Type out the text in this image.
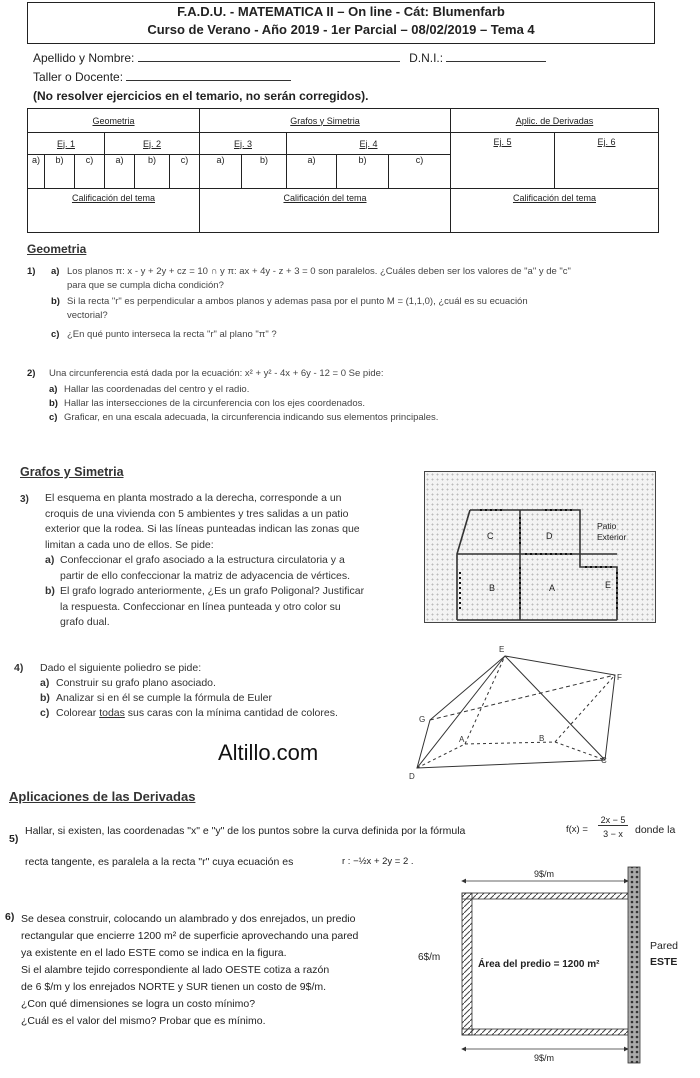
F.A.D.U. - MATEMATICA II – On line - Cát: Blumenfarb
Curso de Verano - Año 2019 - 1er Parcial – 08/02/2019 – Tema 4
Apellido y Nombre:	D.N.I.:
Taller o Docente:
(No resolver ejercicios en el temario, no serán corregidos).
Geometria						Grafos y Simetria					Aplic. de Derivadas	
Ej. 1			Ej. 2			Ej. 3		Ej. 4			Ej. 5	Ej. 6
a)	b)	c)	a)	b)	c)	a)	b)	a)	b)	c)		
Calificación del tema						Calificación del tema					Calificación del tema	
Geometria
1) a) Los planos π: x - y + 2y + cz = 10 ∩ y π: ax + 4y - z + 3 = 0 son paralelos. ¿Cuáles deben ser los valores de "a" y de "c"
para que se cumpla dicha condición?
b) Si la recta "r" es perpendicular a ambos planos y ademas pasa por el punto M = (1,1,0), ¿cuál es su ecuación
vectorial?
c) ¿En qué punto interseca la recta "r" al plano "π" ?
2) Una circunferencia está dada por la ecuación: x² + y² - 4x + 6y - 12 = 0 Se pide:
a) Hallar las coordenadas del centro y el radio.
b) Hallar las intersecciones de la circunferencia con los ejes coordenados.
c) Graficar, en una escala adecuada, la circunferencia indicando sus elementos principales.
Grafos y Simetria
3) El esquema en planta mostrado a la derecha, corresponde a un
croquis de una vivienda con 5 ambientes y tres salidas a un patio
exterior que la rodea. Si las líneas punteadas indican las zonas que
limitan a cada uno de ellos. Se pide:
a) Confeccionar el grafo asociado a la estructura circulatoria y a
partir de ello confeccionar la matriz de adyacencia de vértices.
b) El grafo logrado anteriormente, ¿Es un grafo Poligonal? Justificar
la respuesta. Confeccionar en línea punteada y otro color su
grafo dual.
C	D
B	A	E
Patio
Exterior
4) Dado el siguiente poliedro se pide:
a) Construir su grafo plano asociado.
b) Analizar si en él se cumple la fórmula de Euler
c) Colorear todas sus caras con la mínima cantidad de colores.
E
F
G
A	B
C
D
Altillo.com
Aplicaciones de las Derivadas
5)
Hallar, si existen, las coordenadas "x" e "y" de los puntos sobre la curva definida por la fórmula	f(x) =
2x − 5
3 − x	donde la
recta tangente, es paralela a la recta "r" cuya ecuación es	r : −½x + 2y = 2 .
6) Se desea construir, colocando un alambrado y dos enrejados, un predio
rectangular que encierre 1200 m² de superficie aprovechando una pared
ya existente en el lado ESTE como se indica en la figura.
Si el alambre tejido correspondiente al lado OESTE cotiza a razón
de 6 $/m y los enrejados NORTE y SUR tienen un costo de 9$/m.
¿Con qué dimensiones se logra un costo mínimo?
¿Cuál es el valor del mismo? Probar que es mínimo.
9$/m
9$/m
6$/m
Área del predio = 1200 m²
Pared
ESTE
